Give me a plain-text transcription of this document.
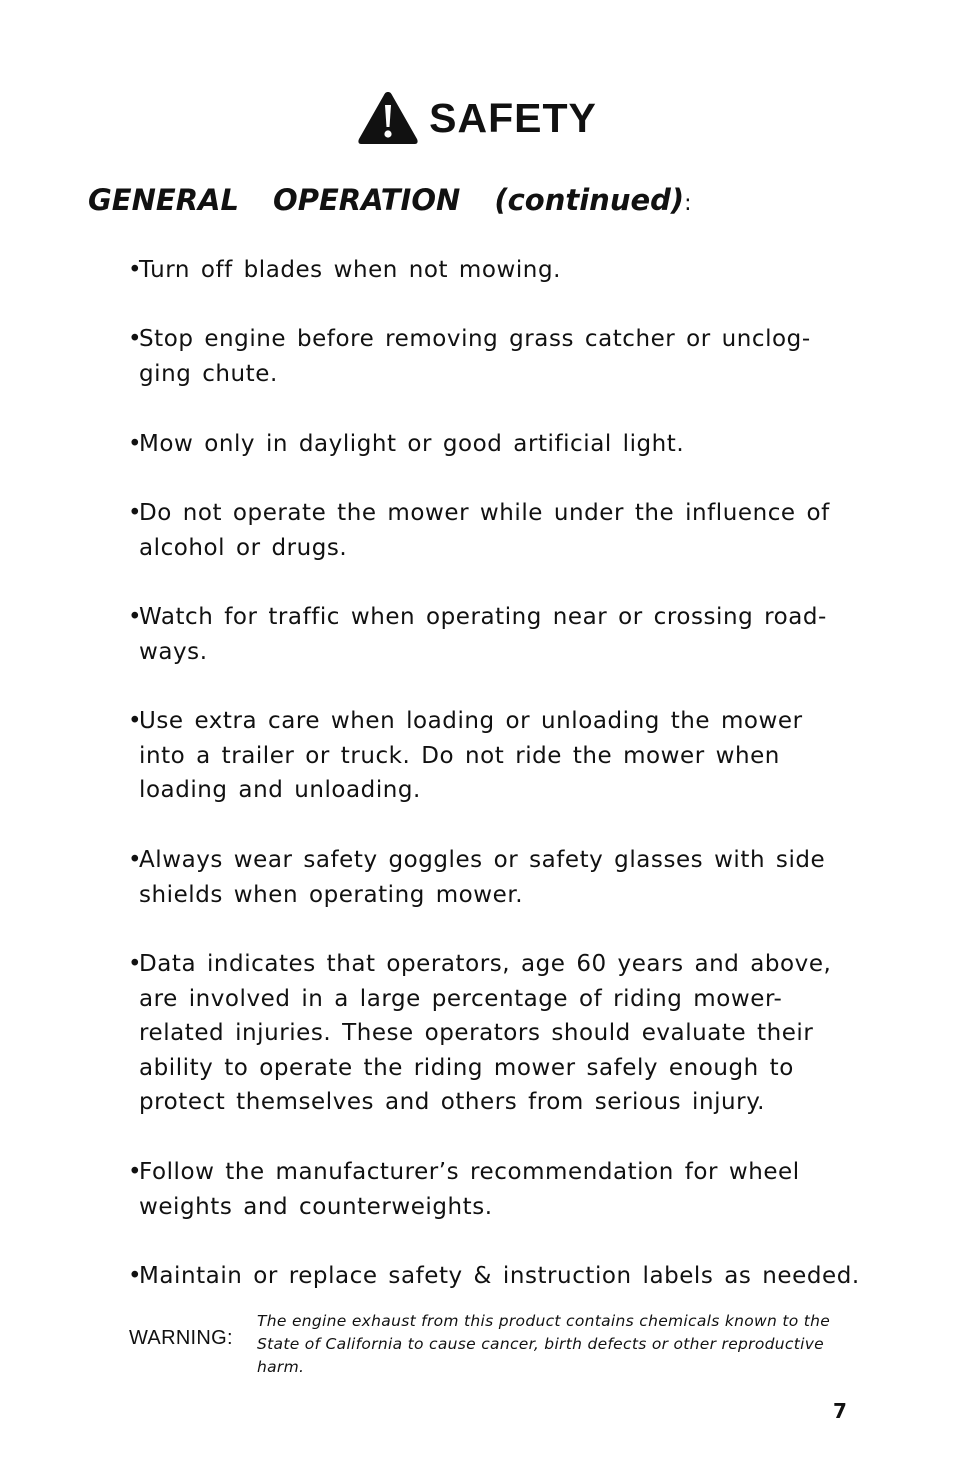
SAFETY
GENERAL OPERATION (continued):
•
Turn off blades when not mowing.
•
Stop engine before removing grass catcher or unclog-
ging chute.
•
Mow only in daylight or good artificial light.
•
Do not operate the mower while under the influence of
alcohol or drugs.
•
Watch for traffic when operating near or crossing road-
ways.
•
Use extra care when loading or unloading the mower
into a trailer or truck. Do not ride the mower when
loading and unloading.
•
Always wear safety goggles or safety glasses with side
shields when operating mower.
•
Data indicates that operators, age 60 years and above,
are involved in a large percentage of riding mower-
related injuries. These operators should evaluate their
ability to operate the riding mower safely enough to
protect themselves and others from serious injury.
•
Follow the manufacturer’s recommendation for wheel
weights and counterweights.
•
Maintain or replace safety & instruction labels as needed.
WARNING:
The engine exhaust from this product contains chemicals known to the
State of California to cause cancer, birth defects or other reproductive
harm.
7
